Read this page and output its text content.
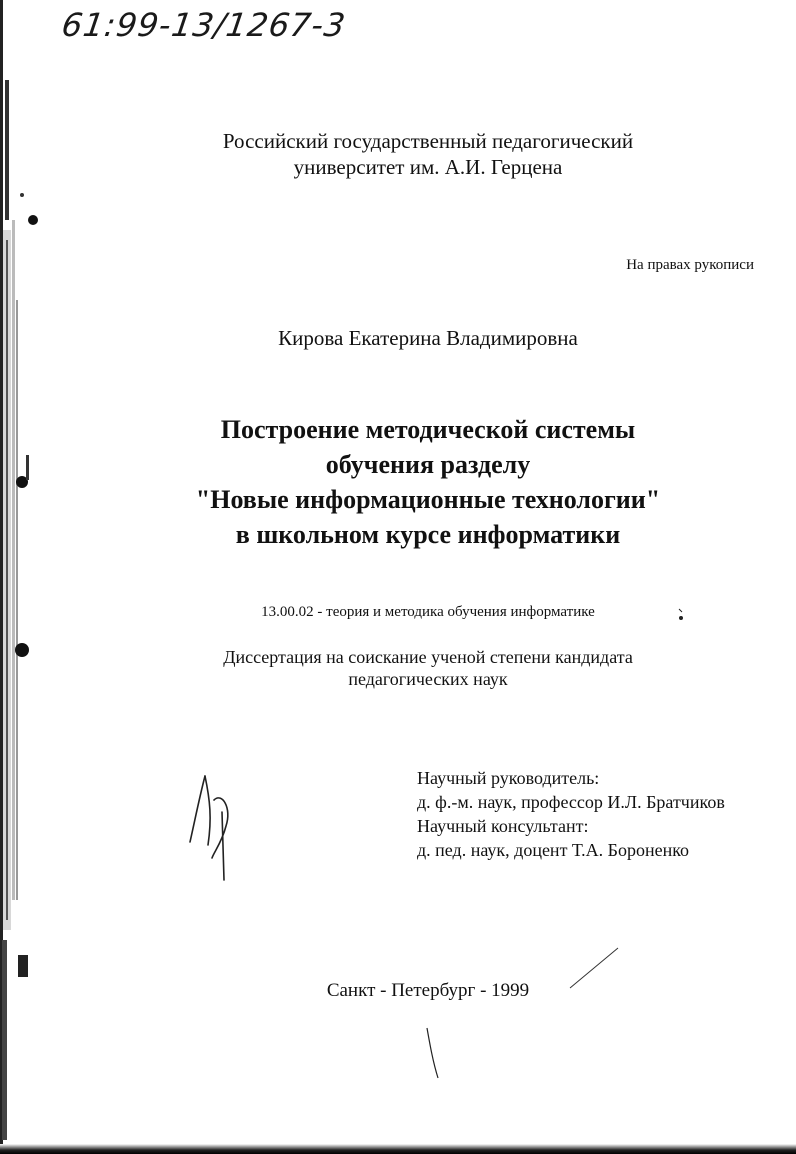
61:99-13/1267-3
Российский государственный педагогический
университет им. А.И. Герцена
На правах рукописи
Кирова Екатерина Владимировна
Построение методической системы
обучения разделу
"Новые информационные технологии"
в школьном курсе информатики
13.00.02 - теория и методика обучения информатике
Диссертация на соискание ученой степени кандидата
педагогических наук
Научный руководитель:
д. ф.-м. наук, профессор И.Л. Братчиков
Научный консультант:
д. пед. наук, доцент Т.А. Бороненко
Санкт - Петербург - 1999
